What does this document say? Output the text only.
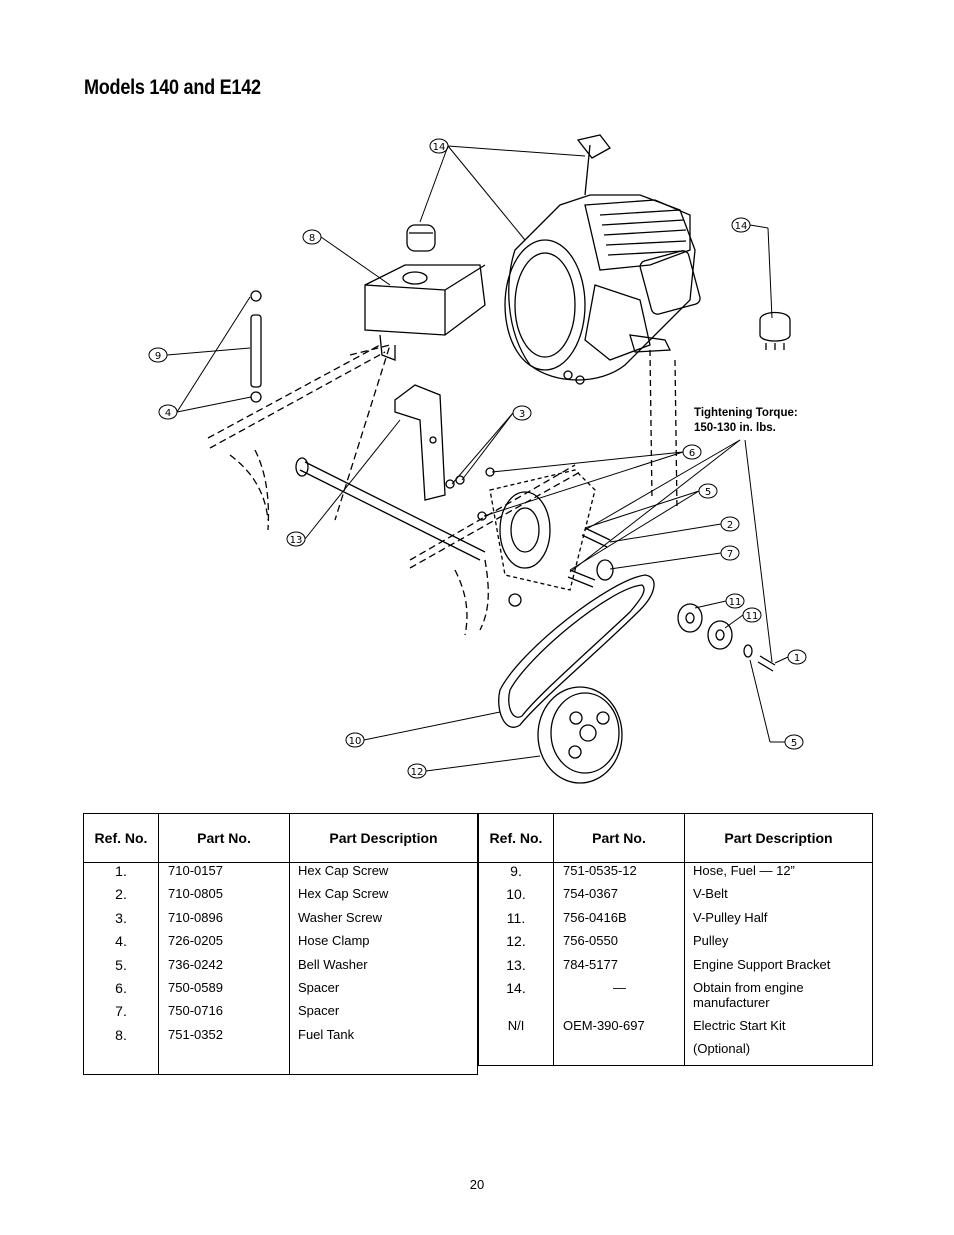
Models 140 and E142
14
8
14
9
4	3
6
5
2
7
13
11
11
1
10	5
12
Tightening Torque:
150-130 in. lbs.
Ref. No.	Part No.	Part Description
1.	710-0157	Hex Cap Screw
2.	710-0805	Hex Cap Screw
3.	710-0896	Washer Screw
4.	726-0205	Hose Clamp
5.	736-0242	Bell Washer
6.	750-0589	Spacer
7.	750-0716	Spacer
8.	751-0352	Fuel Tank

Ref. No.	Part No.	Part Description
9.	751-0535-12	Hose, Fuel — 12”
10.	754-0367	V-Belt
11.	756-0416B	V-Pulley Half
12.	756-0550	Pulley
13.	784-5177	Engine Support Bracket
14.	—	Obtain from engine manufacturer
N/I	OEM-390-697	Electric Start Kit
		(Optional)
20
